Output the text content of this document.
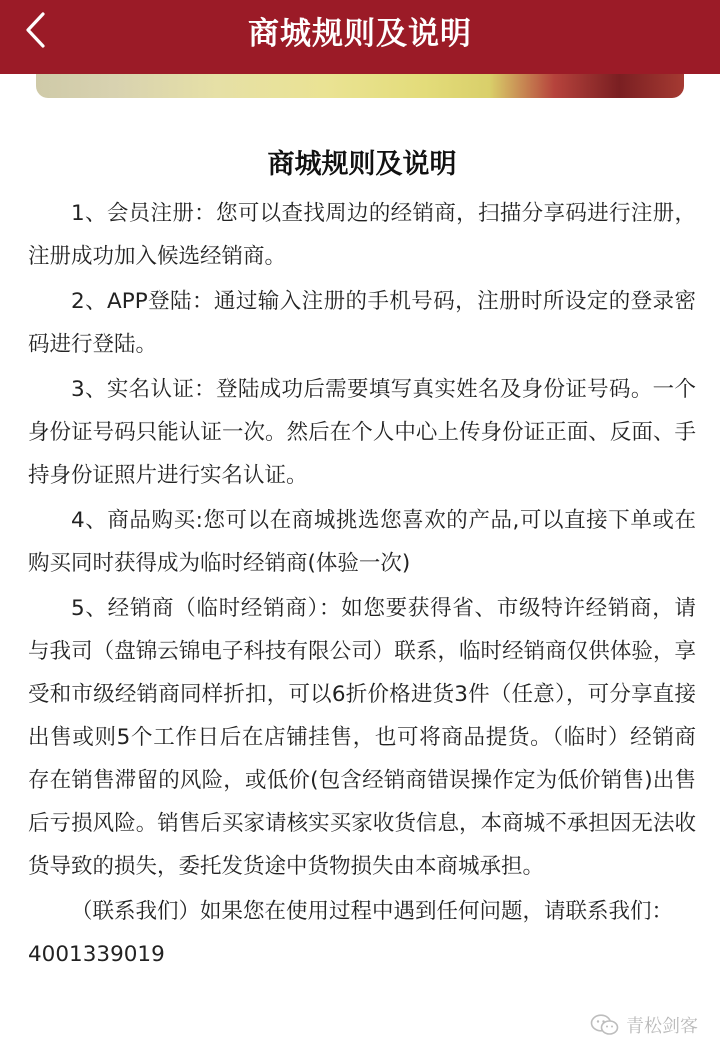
商城规则及说明
商城规则及说明

1、会员注册：您可以查找周边的经销商，扫描分享码进行注册，注册成功加入候选经销商。

2、APP登陆：通过输入注册的手机号码，注册时所设定的登录密码进行登陆。

3、实名认证：登陆成功后需要填写真实姓名及身份证号码。一个身份证号码只能认证一次。然后在个人中心上传身份证正面、反面、手持身份证照片进行实名认证。

4、商品购买:您可以在商城挑选您喜欢的产品,可以直接下单或在购买同时获得成为临时经销商(体验一次)

5、经销商（临时经销商）：如您要获得省、市级特许经销商，请与我司（盘锦云锦电子科技有限公司）联系，临时经销商仅供体验，享受和市级经销商同样折扣，可以6折价格进货3件（任意），可分享直接出售或则5个工作日后在店铺挂售，也可将商品提货。（临时）经销商存在销售滞留的风险，或低价(包含经销商错误操作定为低价销售)出售后亏损风险。销售后买家请核实买家收货信息，本商城不承担因无法收货导致的损失，委托发货途中货物损失由本商城承担。

（联系我们）如果您在使用过程中遇到任何问题，请联系我们：

4001339019

青松剑客
